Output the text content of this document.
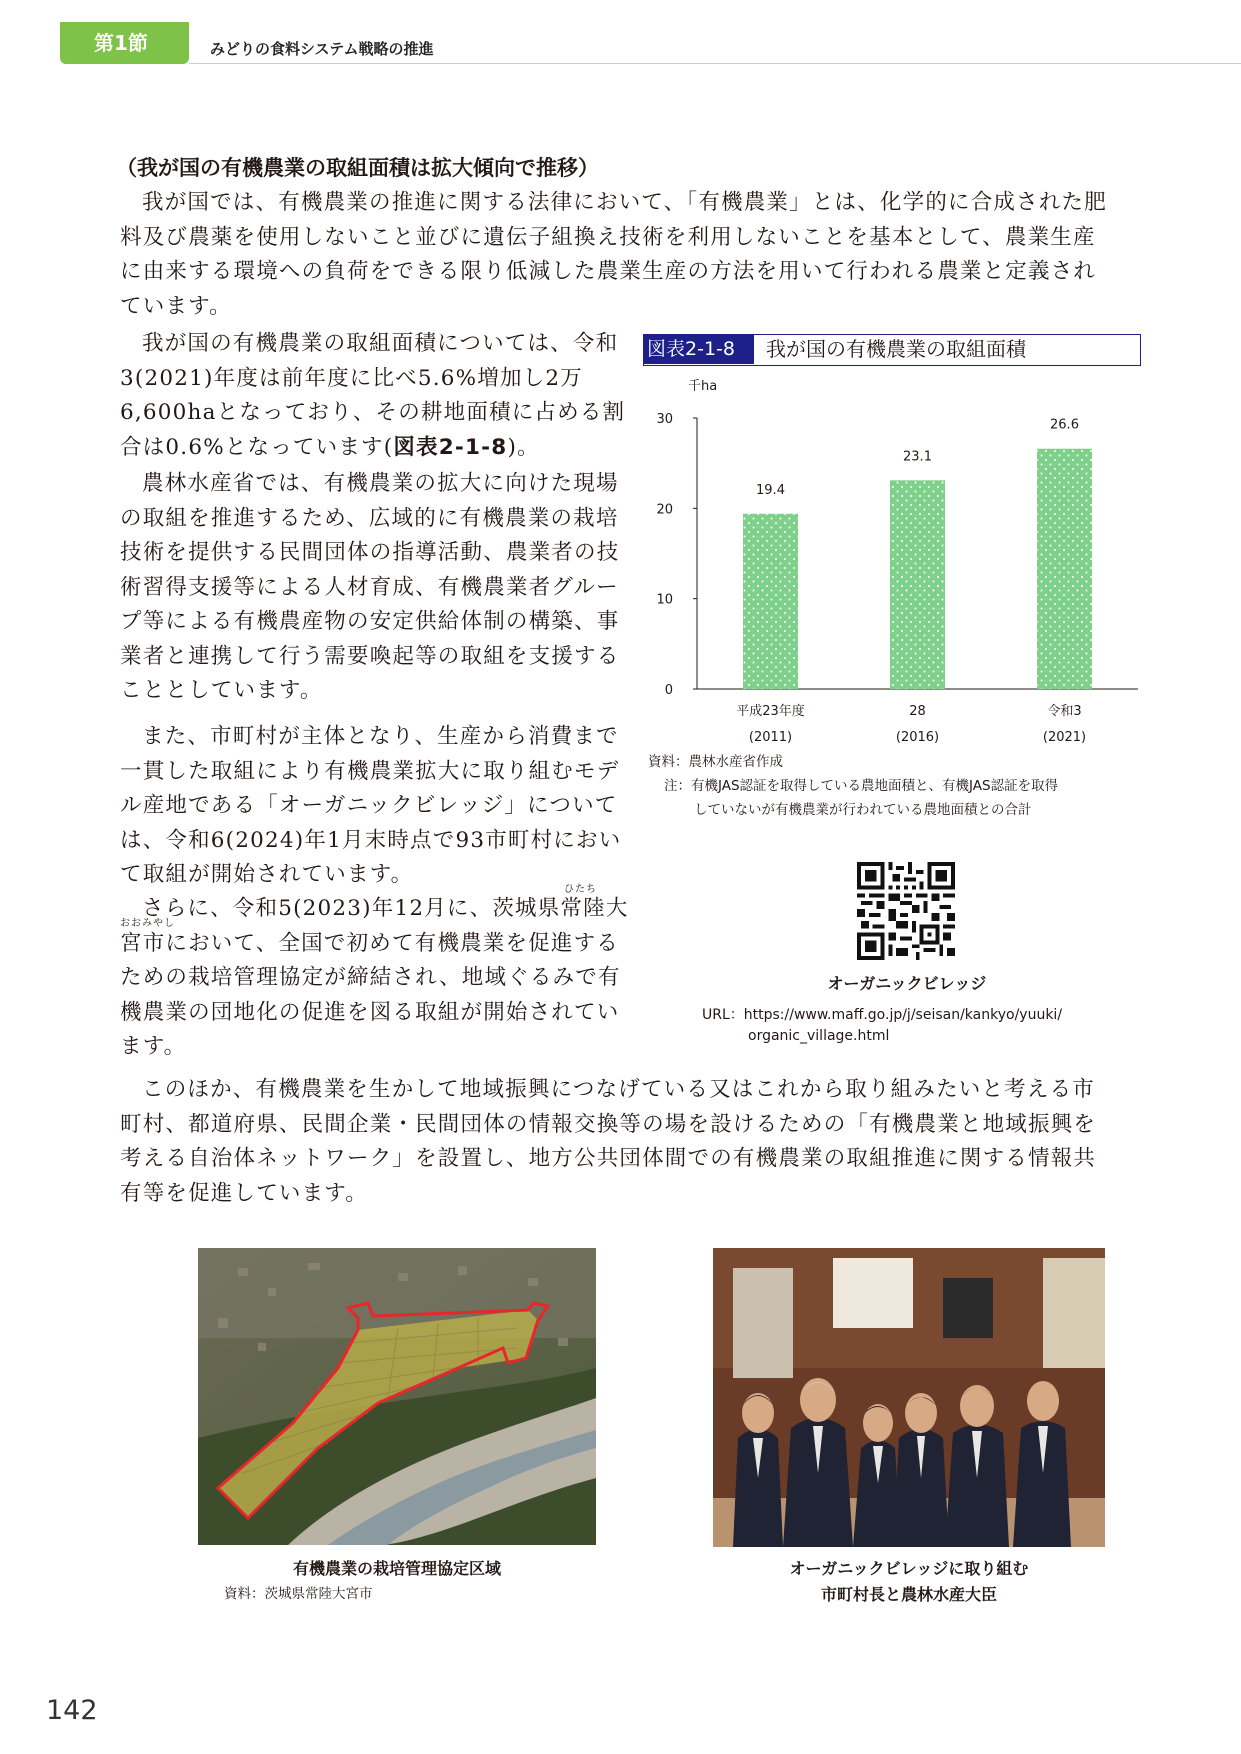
第1節	みどりの食料システム戦略の推進
（我が国の有機農業の取組面積は拡大傾向で推移）

我が国では、有機農業の推進に関する法律において、「有機農業」とは、化学的に合成された肥料及び農薬を使用しないこと並びに遺伝子組換え技術を利用しないことを基本として、農業生産に由来する環境への負荷をできる限り低減した農業生産の方法を用いて行われる農業と定義されています。

我が国の有機農業の取組面積については、令和3(2021)年度は前年度に比べ5.6%増加し2万6,600haとなっており、その耕地面積に占める割合は0.6%となっています(図表2-1-8)。

農林水産省では、有機農業の拡大に向けた現場の取組を推進するため、広域的に有機農業の栽培技術を提供する民間団体の指導活動、農業者の技術習得支援等による人材育成、有機農業者グループ等による有機農産物の安定供給体制の構築、事業者と連携して行う需要喚起等の取組を支援することとしています。

また、市町村が主体となり、生産から消費まで一貫した取組により有機農業拡大に取り組むモデル産地である「オーガニックビレッジ」については、令和6(2024)年1月末時点で93市町村において取組が開始されています。

ひたち
おおみやし

さらに、令和5(2023)年12月に、茨城県常陸大宮市において、全国で初めて有機農業を促進するための栽培管理協定が締結され、地域ぐるみで有機農業の団地化の促進を図る取組が開始されています。

このほか、有機農業を生かして地域振興につなげている又はこれから取り組みたいと考える市町村、都道府県、民間企業・民間団体の情報交換等の場を設けるための「有機農業と地域振興を考える自治体ネットワーク」を設置し、地方公共団体間での有機農業の取組推進に関する情報共有等を促進しています。

図表2-1-8	我が国の有機農業の取組面積
千ha
0
10
20
30
19.4
23.1
26.6
平成23年度
(2011)
28
(2016)
令和3
(2021)
資料：農林水産省作成
注：有機JAS認証を取得している農地面積と、有機JAS認証を取得
していないが有機農業が行われている農地面積との合計
オーガニックビレッジ
URL：https://www.maff.go.jp/j/seisan/kankyo/yuuki/
organic_village.html
有機農業の栽培管理協定区域
資料：茨城県常陸大宮市
オーガニックビレッジに取り組む
市町村長と農林水産大臣
142
